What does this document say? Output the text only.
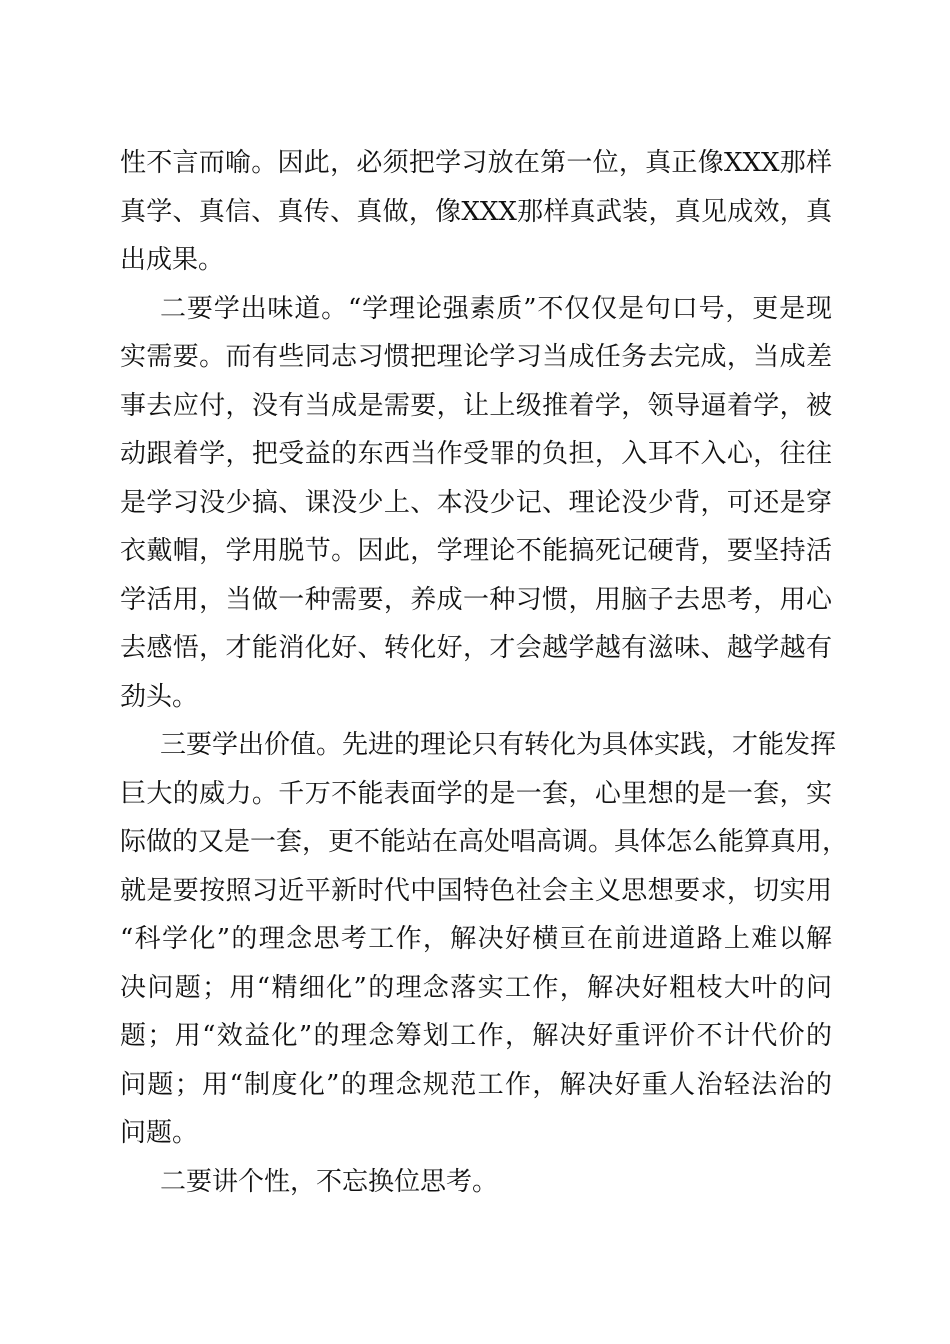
性不言而喻。因此，必须把学习放在第一位，真正像XXX那样
真学、真信、真传、真做，像XXX那样真武装，真见成效，真
出成果。
二要学出味道。“学理论强素质”不仅仅是句口号，更是现
实需要。而有些同志习惯把理论学习当成任务去完成，当成差
事去应付，没有当成是需要，让上级推着学，领导逼着学，被
动跟着学，把受益的东西当作受罪的负担，入耳不入心，往往
是学习没少搞、课没少上、本没少记、理论没少背，可还是穿
衣戴帽，学用脱节。因此，学理论不能搞死记硬背，要坚持活
学活用，当做一种需要，养成一种习惯，用脑子去思考，用心
去感悟，才能消化好、转化好，才会越学越有滋味、越学越有
劲头。
三要学出价值。先进的理论只有转化为具体实践，才能发挥
巨大的威力。千万不能表面学的是一套，心里想的是一套，实
际做的又是一套，更不能站在高处唱高调。具体怎么能算真用，
就是要按照习近平新时代中国特色社会主义思想要求，切实用
“科学化”的理念思考工作，解决好横亘在前进道路上难以解
决问题；用“精细化”的理念落实工作，解决好粗枝大叶的问
题；用“效益化”的理念筹划工作，解决好重评价不计代价的
问题；用“制度化”的理念规范工作，解决好重人治轻法治的
问题。
二要讲个性，不忘换位思考。
